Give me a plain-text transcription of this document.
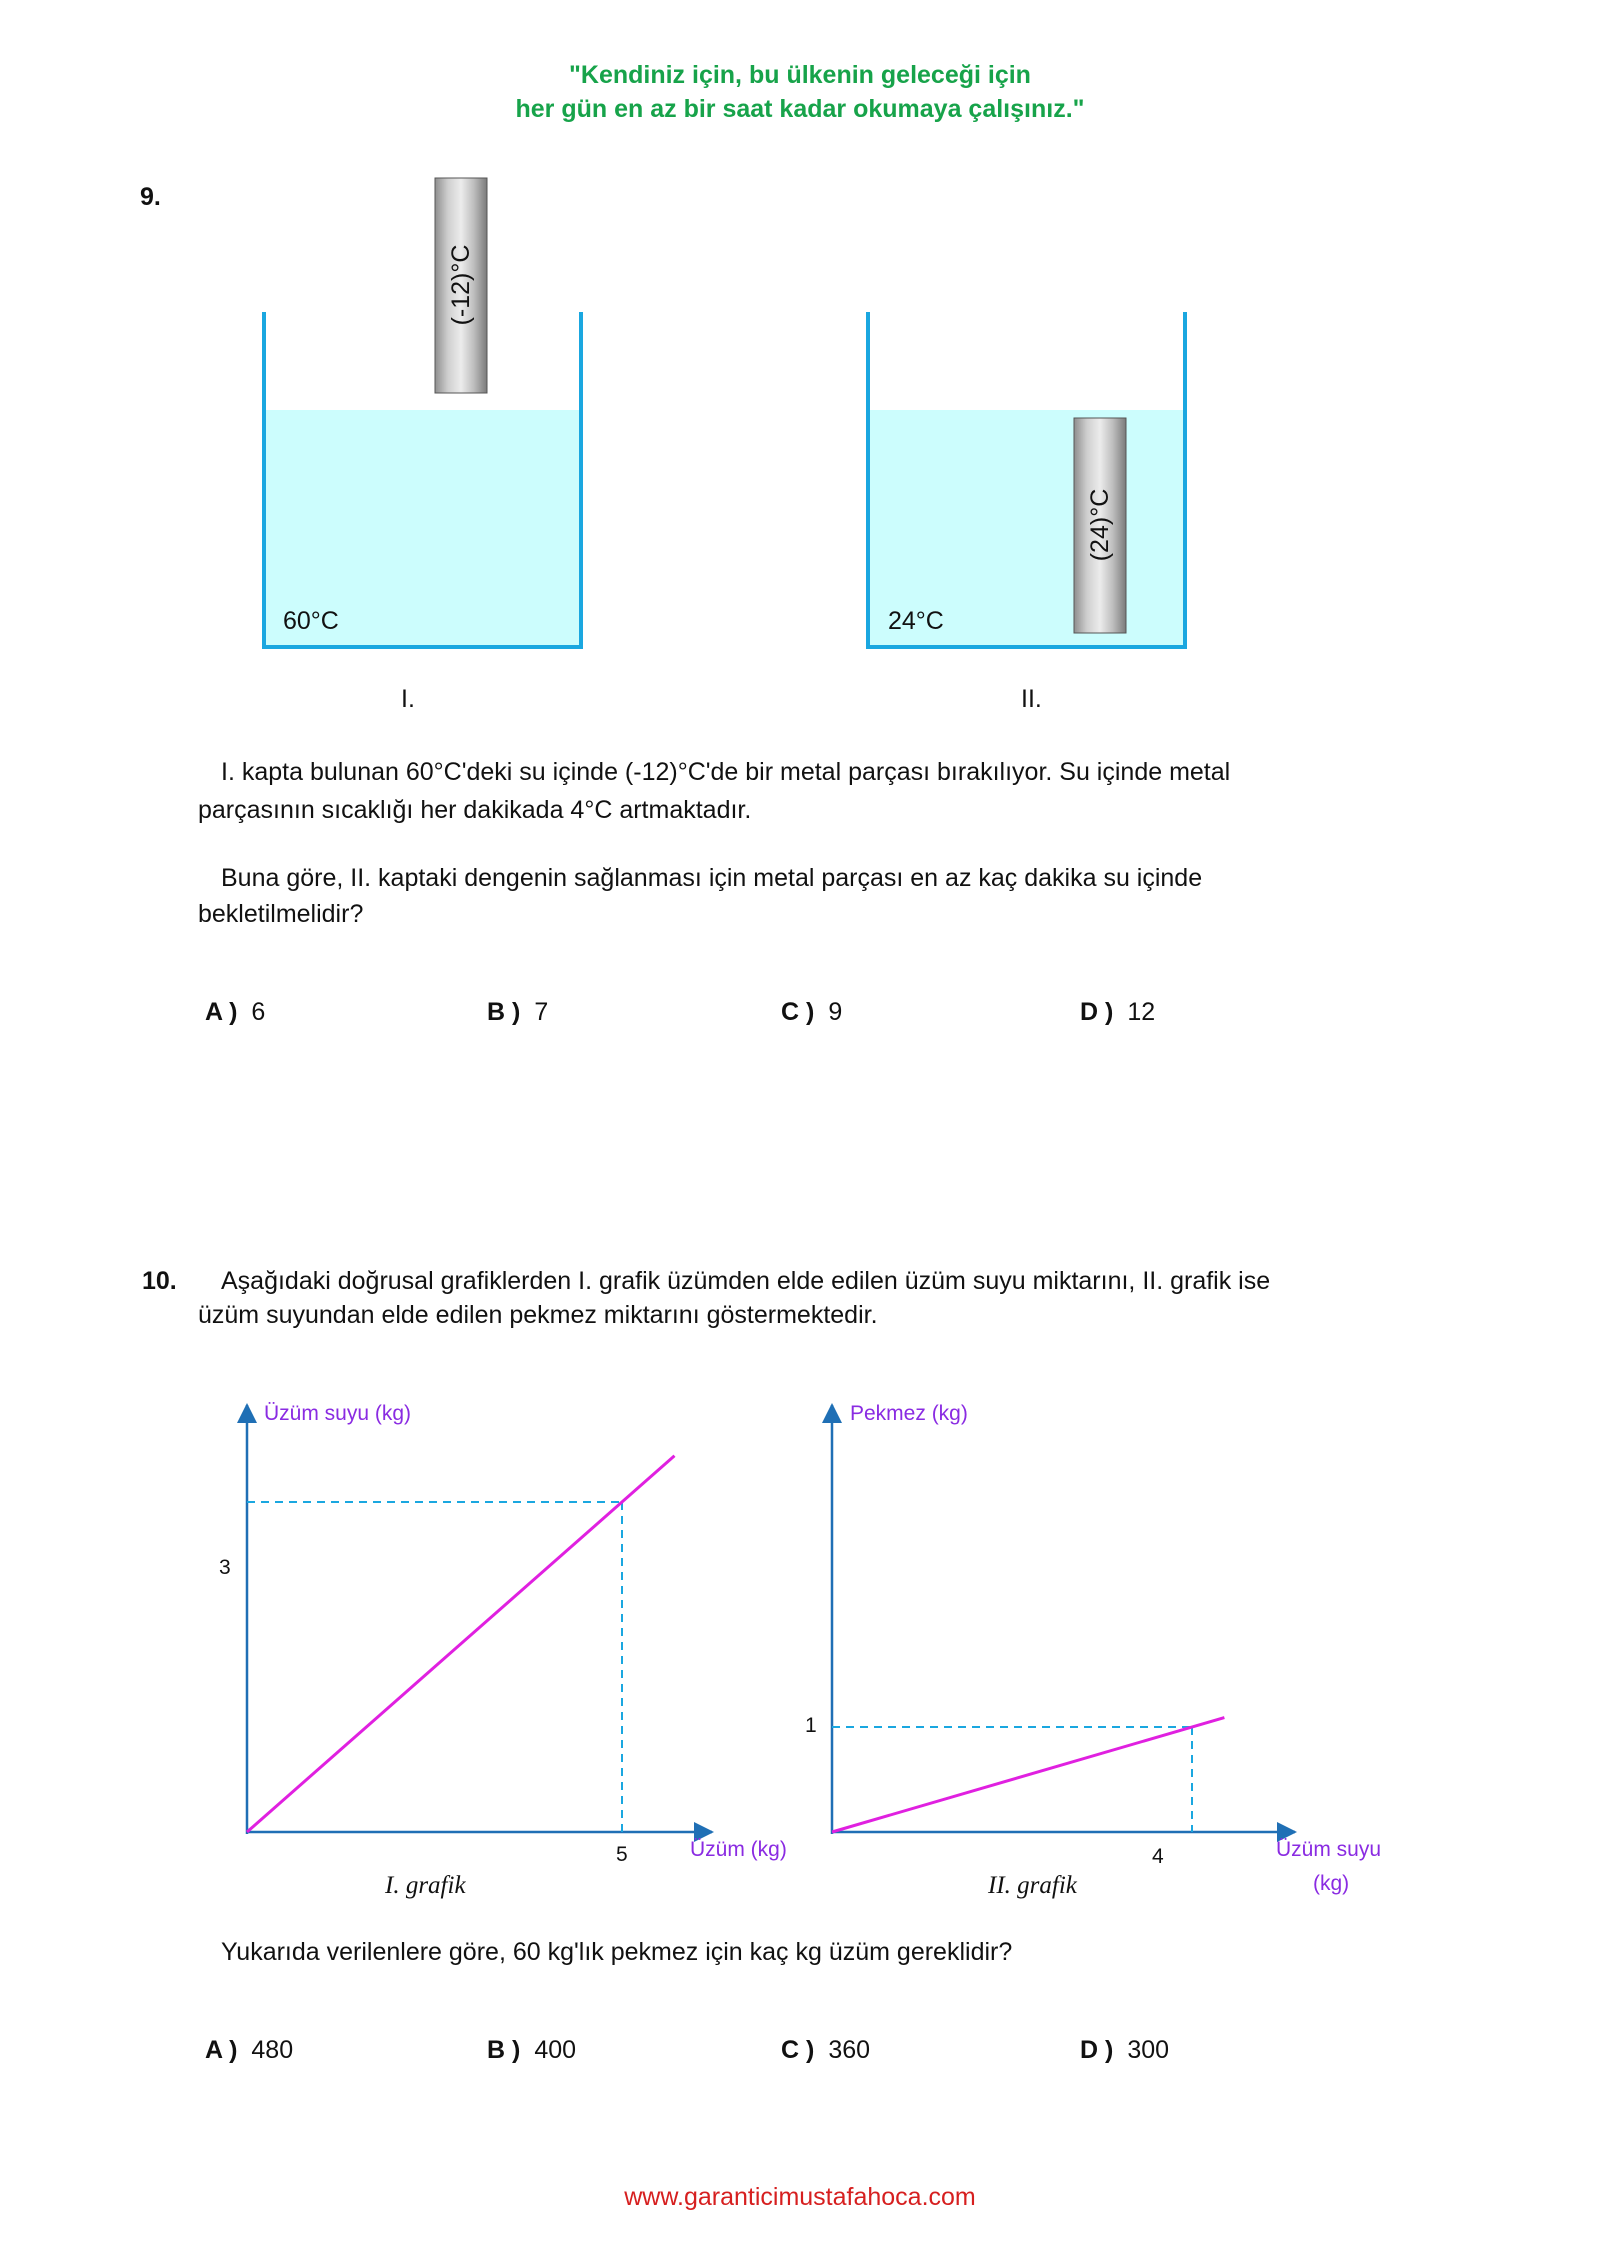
"Kendiniz için, bu ülkenin geleceği için
her gün en az bir saat kadar okumaya çalışınız."
9.
(-12)°C
(24)°C
60°C	24°C
I.	II.
I. kapta bulunan 60°C'deki su içinde (-12)°C'de bir metal parçası bırakılıyor. Su içinde metal
parçasının sıcaklığı her dakikada 4°C artmaktadır.
Buna göre, II. kaptaki dengenin sağlanması için metal parçası en az kaç dakika su içinde
bekletilmelidir?
A ) 6	B ) 7	C ) 9	D ) 12
10. Aşağıdaki doğrusal grafiklerden I. grafik üzümden elde edilen üzüm suyu miktarını, II. grafik ise
üzüm suyundan elde edilen pekmez miktarını göstermektedir.
Üzüm suyu (kg)
3
5	Üzüm (kg)
I. grafik
Pekmez (kg)
1
4	Üzüm suyu
(kg)
II. grafik
Yukarıda verilenlere göre, 60 kg'lık pekmez için kaç kg üzüm gereklidir?
A ) 480	B ) 400	C ) 360	D ) 300
www.garanticimustafahoca.com
